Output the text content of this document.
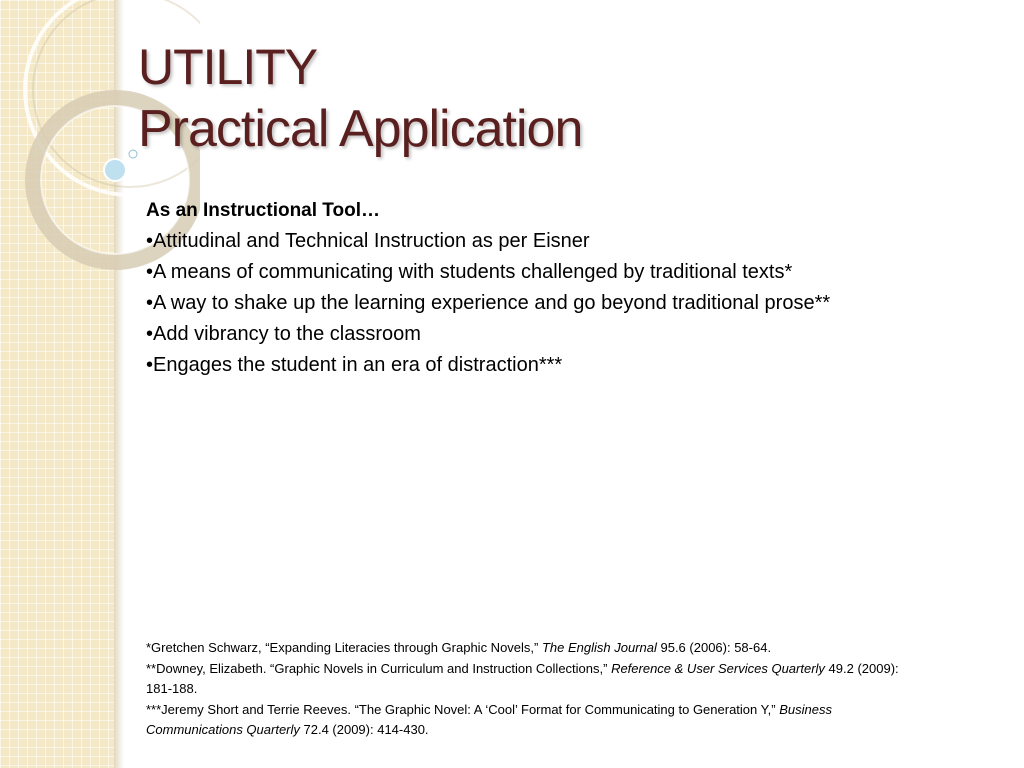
UTILITY
Practical Application

As an Instructional Tool…

•Attitudinal and Technical Instruction as per Eisner
•A means of communicating with students challenged by traditional texts*
•A way to shake up the learning experience and go beyond traditional prose**
•Add vibrancy to the classroom
•Engages the student in an era of distraction***

*Gretchen Schwarz, “Expanding Literacies through Graphic Novels,” The English Journal 95.6 (2006): 58-64.

**Downey, Elizabeth. “Graphic Novels in Curriculum and Instruction Collections,” Reference & User Services Quarterly 49.2 (2009): 181-188.

***Jeremy Short and Terrie Reeves. “The Graphic Novel: A ‘Cool’ Format for Communicating to Generation Y,” Business Communications Quarterly 72.4 (2009): 414-430.
